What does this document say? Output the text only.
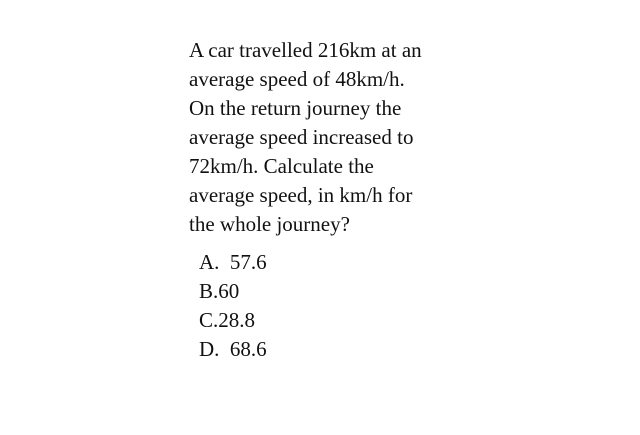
A car travelled 216km at an
average speed of 48km/h.
On the return journey the
average speed increased to
72km/h. Calculate the
average speed, in km/h for
the whole journey?
A.  57.6
B.60
C.28.8
D.  68.6
